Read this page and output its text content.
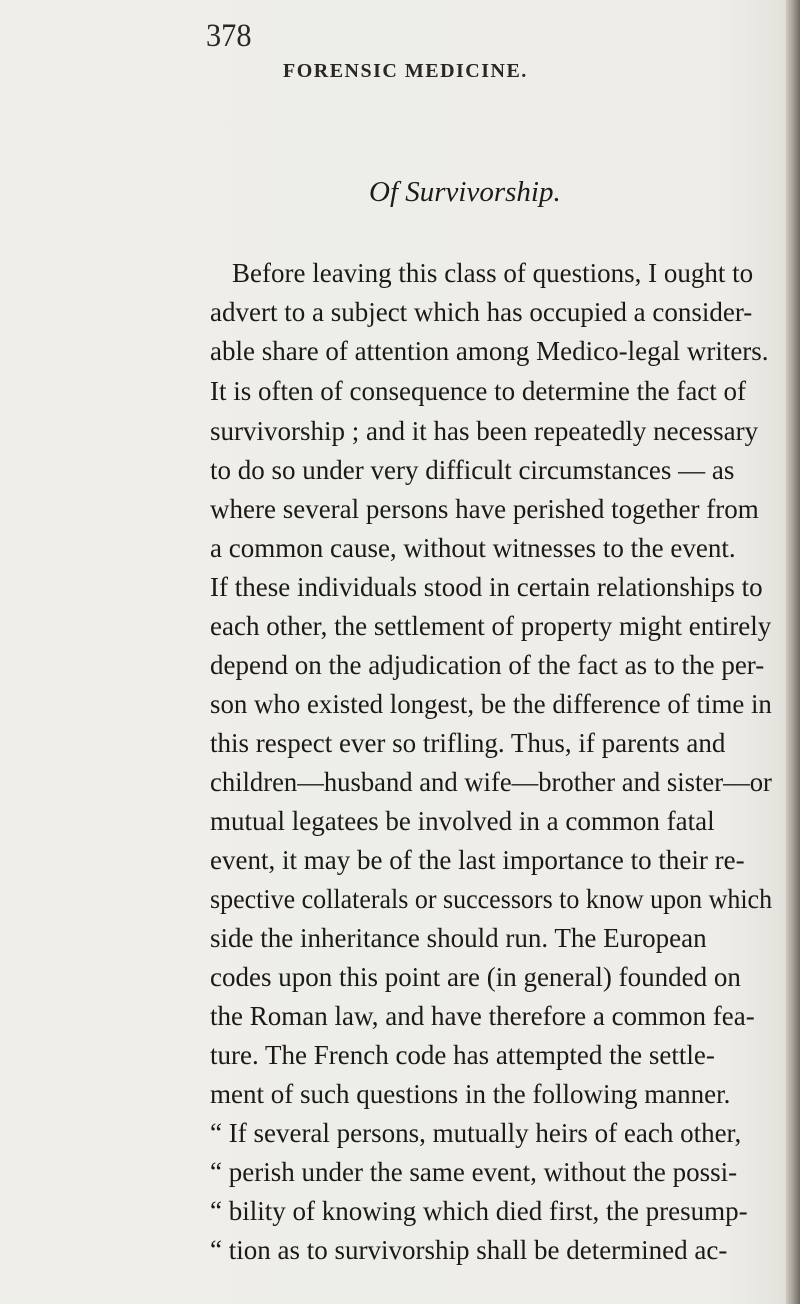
378
FORENSIC MEDICINE.
Of Survivorship.
Before leaving this class of questions, I ought to
advert to a subject which has occupied a consider-
able share of attention among Medico-legal writers.
It is often of consequence to determine the fact of
survivorship ; and it has been repeatedly necessary
to do so under very difficult circumstances — as
where several persons have perished together from
a common cause, without witnesses to the event.
If these individuals stood in certain relationships to
each other, the settlement of property might entirely
depend on the adjudication of the fact as to the per-
son who existed longest, be the difference of time in
this respect ever so trifling. Thus, if parents and
children—husband and wife—brother and sister—or
mutual legatees be involved in a common fatal
event, it may be of the last importance to their re-
spective collaterals or successors to know upon which
side the inheritance should run. The European
codes upon this point are (in general) founded on
the Roman law, and have therefore a common fea-
ture. The French code has attempted the settle-
ment of such questions in the following manner.
“ If several persons, mutually heirs of each other,
“ perish under the same event, without the possi-
“ bility of knowing which died first, the presump-
“ tion as to survivorship shall be determined ac-
